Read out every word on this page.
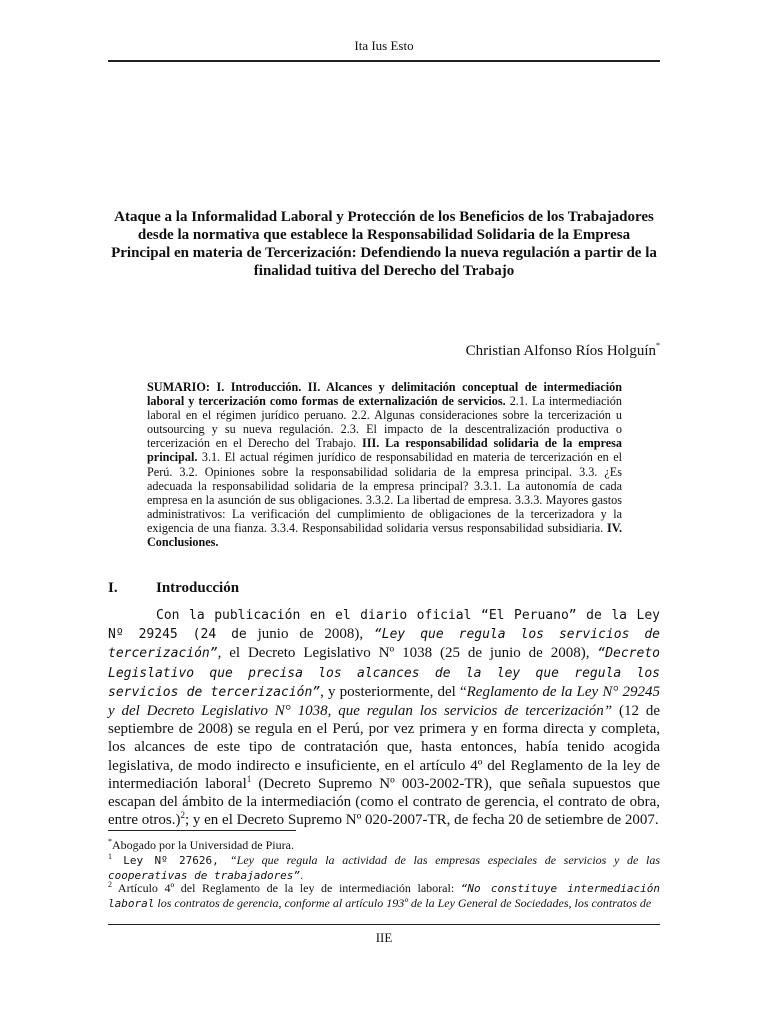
Ita Ius Esto
Ataque a la Informalidad Laboral y Protección de los Beneficios de los Trabajadores desde la normativa que establece la Responsabilidad Solidaria de la Empresa Principal en materia de Tercerización: Defendiendo la nueva regulación a partir de la finalidad tuitiva del Derecho del Trabajo
Christian Alfonso Ríos Holguín*
SUMARIO: I. Introducción. II. Alcances y delimitación conceptual de intermediación laboral y tercerización como formas de externalización de servicios. 2.1. La intermediación laboral en el régimen jurídico peruano. 2.2. Algunas consideraciones sobre la tercerización u outsourcing y su nueva regulación. 2.3. El impacto de la descentralización productiva o tercerización en el Derecho del Trabajo. III. La responsabilidad solidaria de la empresa principal. 3.1. El actual régimen jurídico de responsabilidad en materia de tercerización en el Perú. 3.2. Opiniones sobre la responsabilidad solidaria de la empresa principal. 3.3. ¿Es adecuada la responsabilidad solidaria de la empresa principal? 3.3.1. La autonomía de cada empresa en la asunción de sus obligaciones. 3.3.2. La libertad de empresa. 3.3.3. Mayores gastos administrativos: La verificación del cumplimiento de obligaciones de la tercerizadora y la exigencia de una fianza. 3.3.4. Responsabilidad solidaria versus responsabilidad subsidiaria. IV. Conclusiones.
I.	Introducción

Con la publicación en el diario oficial “El Peruano” de la Ley Nº 29245 (24 de junio de 2008), “Ley que regula los servicios de tercerización”, el Decreto Legislativo Nº 1038 (25 de junio de 2008), “Decreto Legislativo que precisa los alcances de la ley que regula los servicios de tercerización”, y posteriormente, del “Reglamento de la Ley N° 29245 y del Decreto Legislativo N° 1038, que regulan los servicios de tercerización” (12 de septiembre de 2008) se regula en el Perú, por vez primera y en forma directa y completa, los alcances de este tipo de contratación que, hasta entonces, había tenido acogida legislativa, de modo indirecto e insuficiente, en el artículo 4º del Reglamento de la ley de intermediación laboral$^1$ (Decreto Supremo Nº 003-2002-TR), que señala supuestos que escapan del ámbito de la intermediación (como el contrato de gerencia, el contrato de obra, entre otros.)$^2$; y en el Decreto Supremo Nº 020-2007-TR, de fecha 20 de setiembre de 2007.

*Abogado por la Universidad de Piura.
$^1$ Ley Nº 27626, “Ley que regula la actividad de las empresas especiales de servicios y de las cooperativas de trabajadores”.
$^2$ Artículo 4º del Reglamento de la ley de intermediación laboral: “No constituye intermediación laboral los contratos de gerencia, conforme al artículo 193º de la Ley General de Sociedades, los contratos de
IIE
